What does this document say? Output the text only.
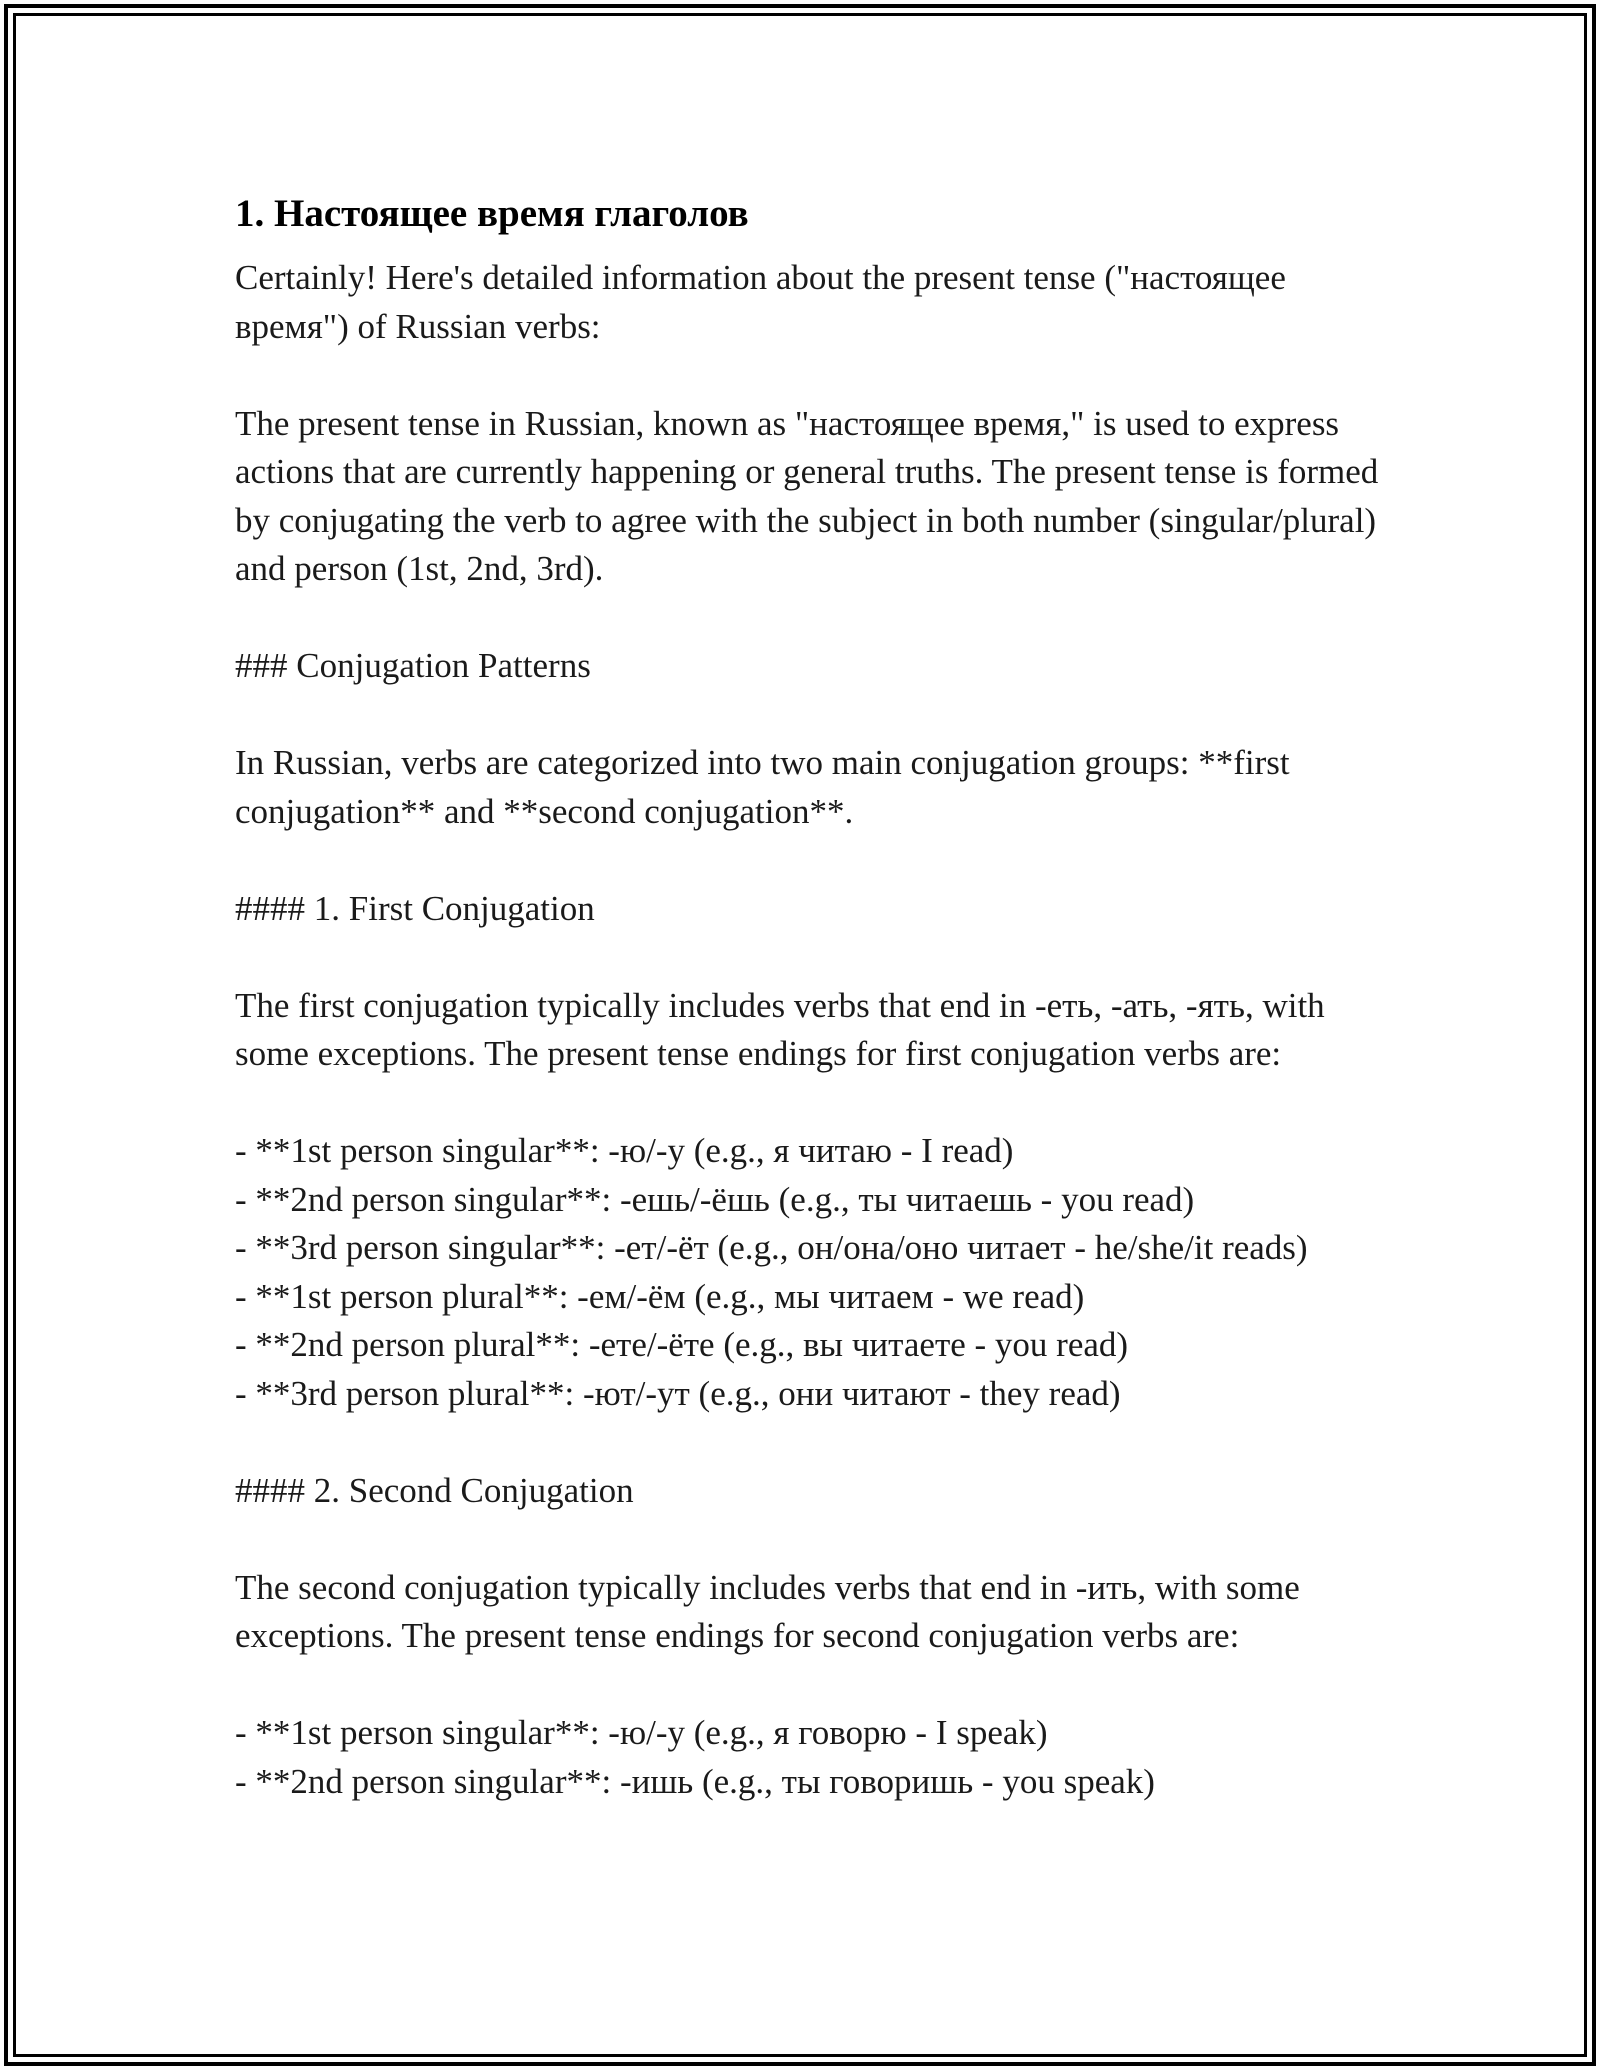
1. Настоящее время глаголов

Certainly! Here's detailed information about the present tense ("настоящее время") of Russian verbs:

The present tense in Russian, known as "настоящее время," is used to express actions that are currently happening or general truths. The present tense is formed by conjugating the verb to agree with the subject in both number (singular/plural) and person (1st, 2nd, 3rd).

### Conjugation Patterns

In Russian, verbs are categorized into two main conjugation groups: **first conjugation** and **second conjugation**.

#### 1. First Conjugation

The first conjugation typically includes verbs that end in -еть, -ать, -ять, with some exceptions. The present tense endings for first conjugation verbs are:

- **1st person singular**: -ю/-у (e.g., я читаю - I read)
- **2nd person singular**: -ешь/-ёшь (e.g., ты читаешь - you read)
- **3rd person singular**: -ет/-ёт (e.g., он/она/оно читает - he/she/it reads)
- **1st person plural**: -ем/-ём (e.g., мы читаем - we read)
- **2nd person plural**: -ете/-ёте (e.g., вы читаете - you read)
- **3rd person plural**: -ют/-ут (e.g., они читают - they read)

#### 2. Second Conjugation

The second conjugation typically includes verbs that end in -ить, with some exceptions. The present tense endings for second conjugation verbs are:

- **1st person singular**: -ю/-у (e.g., я говорю - I speak)
- **2nd person singular**: -ишь (e.g., ты говоришь - you speak)
